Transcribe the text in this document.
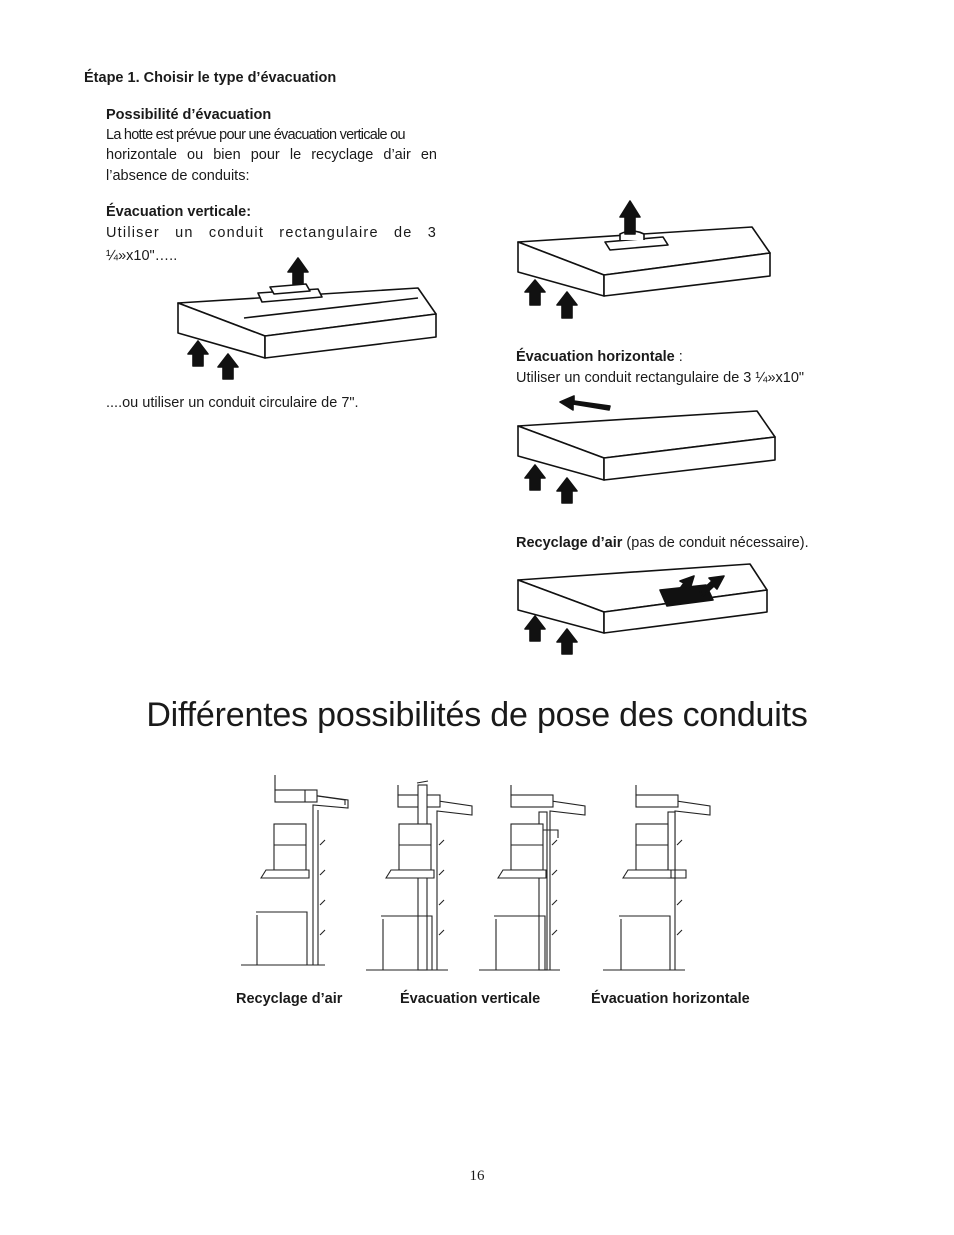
Étape 1. Choisir le type d’évacuation
Possibilité d’évacuation
La hotte est prévue pour une évacuation verticale ou
horizontale ou bien pour le recyclage d’air en
l’absence de conduits:
Évacuation verticale:
Utiliser un conduit rectangulaire de 3
¼»x10"…..
....ou utiliser un conduit circulaire de 7".
Évacuation horizontale :
Utiliser un conduit rectangulaire de 3 ¼»x10"
Recyclage d’air (pas de conduit nécessaire).
Différentes possibilités de pose des conduits
Recyclage d’air	Évacuation verticale	Évacuation horizontale
16
